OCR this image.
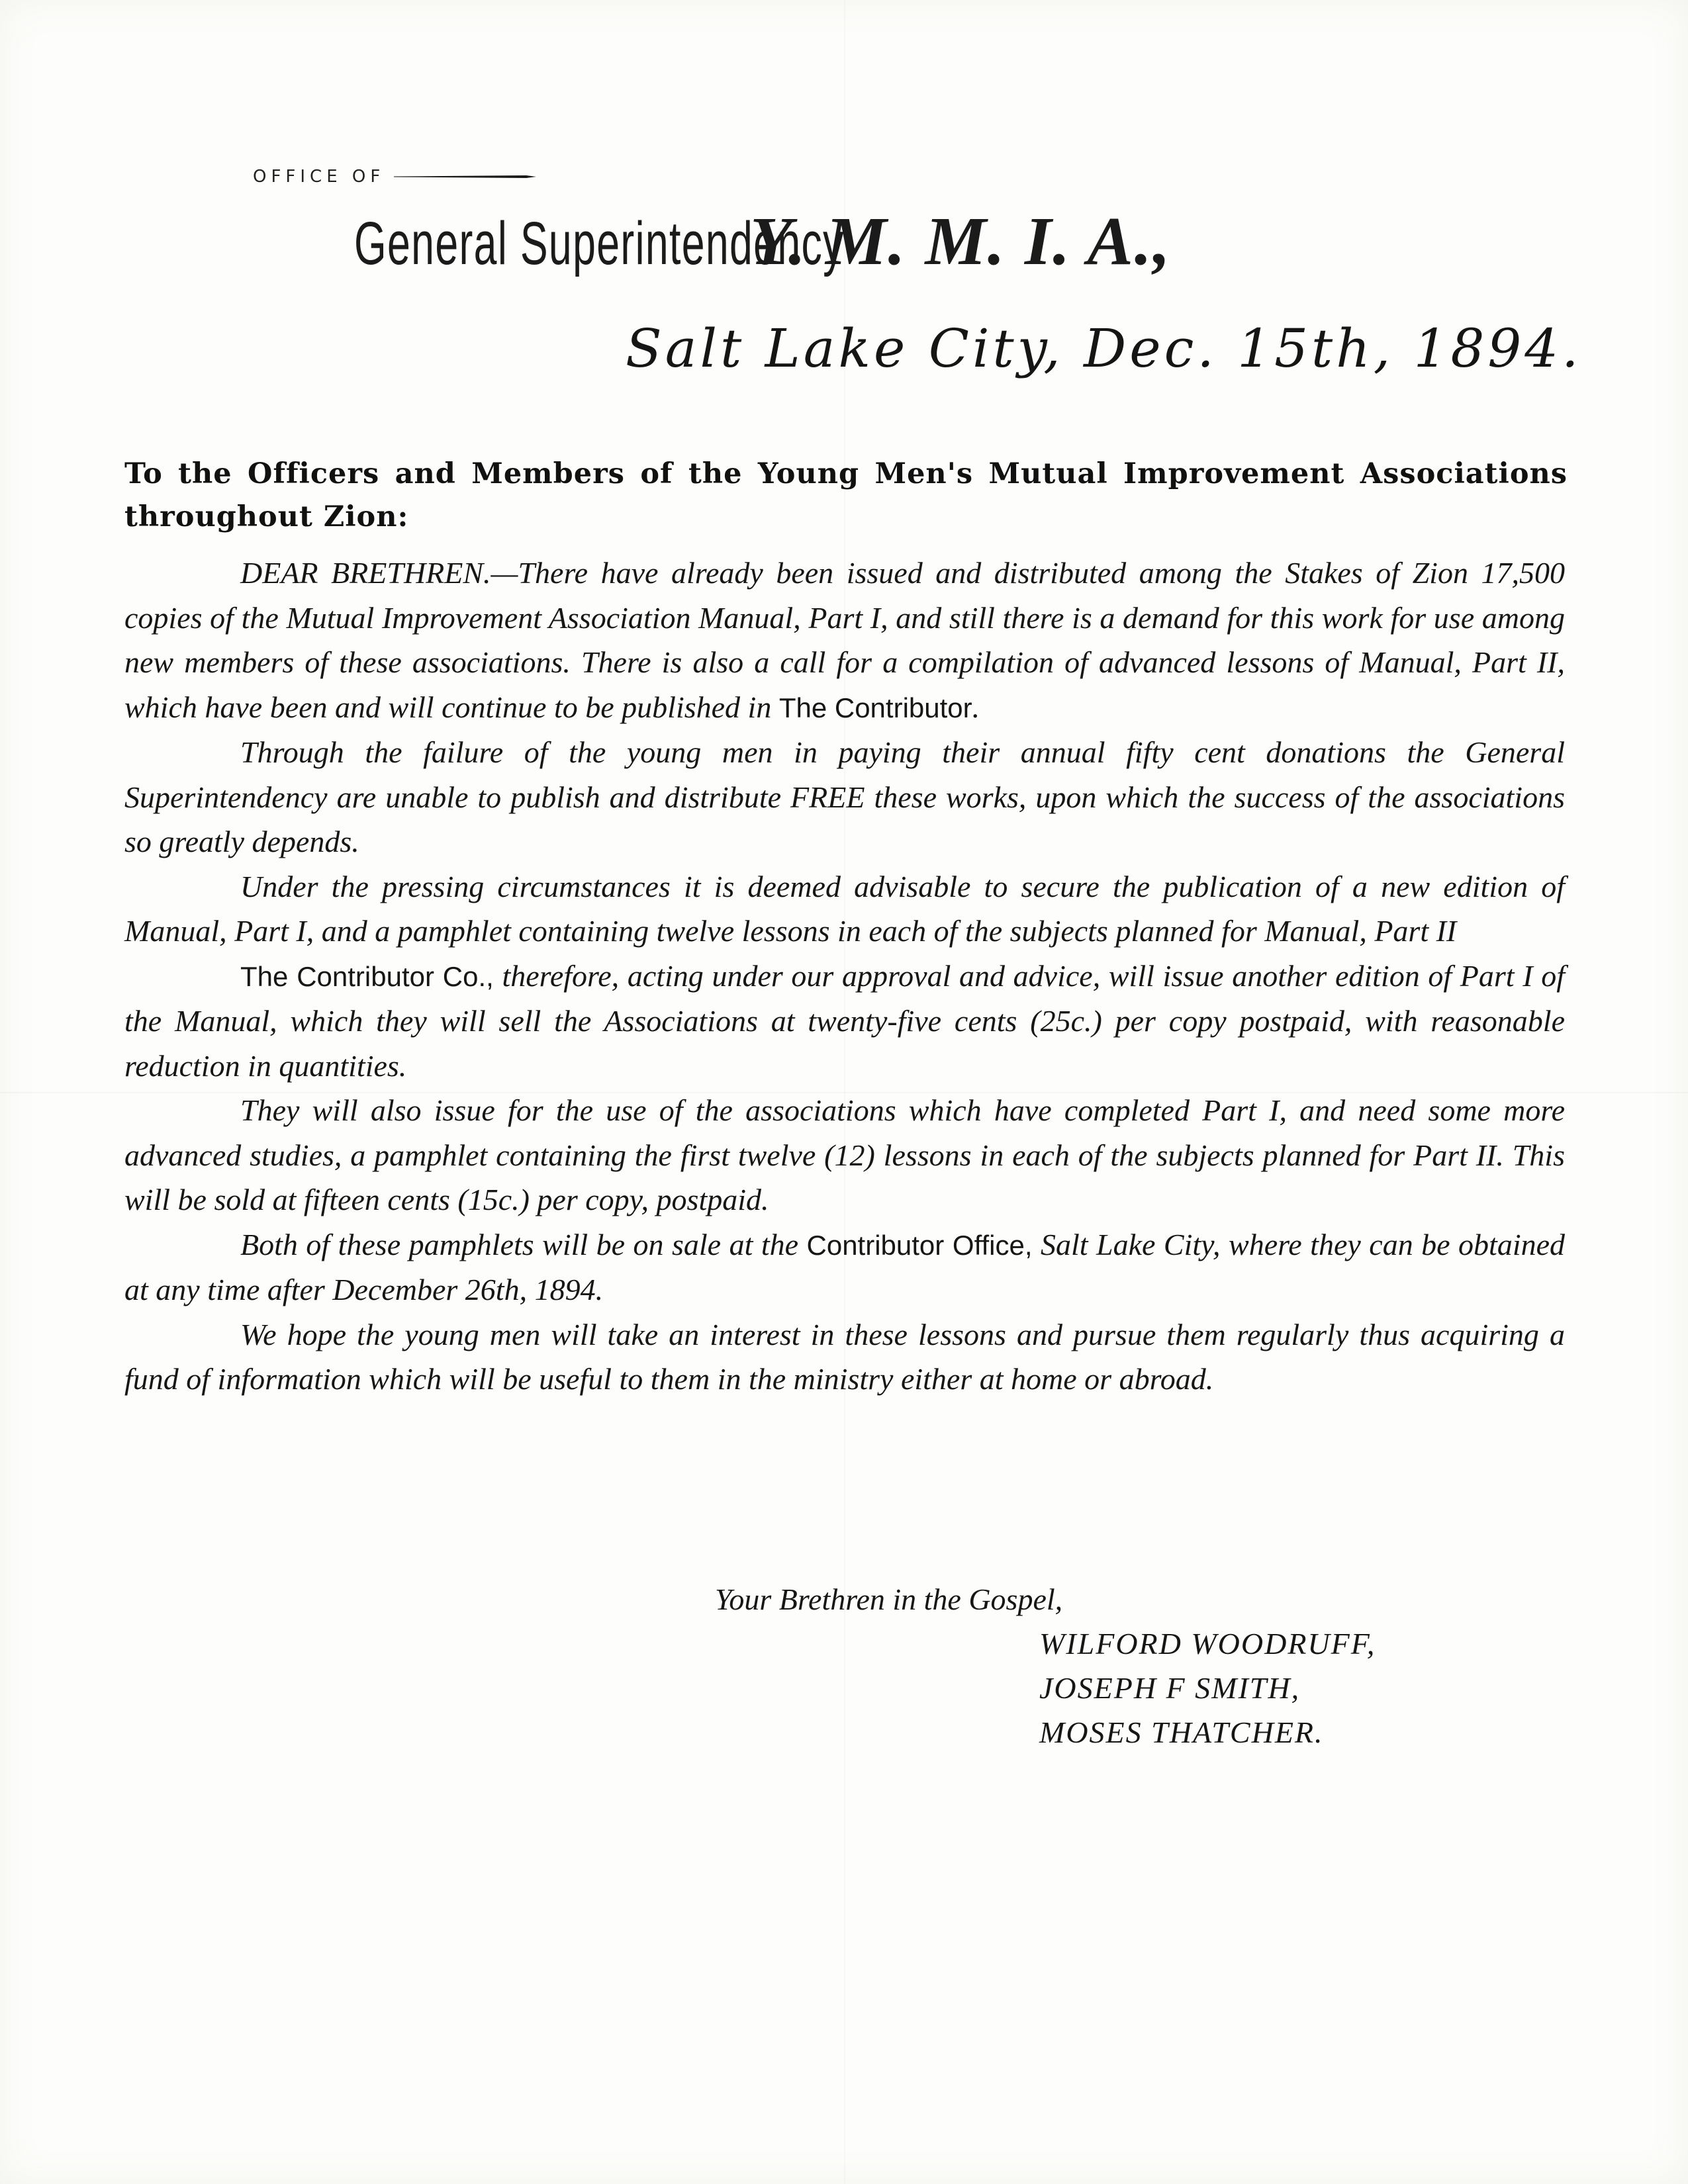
OFFICE OF
General Superintendency Y. M. M. I. A.,
Salt Lake City, Dec. 15th, 1894.
To the Officers and Members of the Young Men's Mutual Improvement Associations throughout Zion:

DEAR BRETHREN.—There have already been issued and distributed among the Stakes of Zion 17,500 copies of the Mutual Improvement Association Manual, Part I, and still there is a demand for this work for use among new members of these associations. There is also a call for a compilation of advanced lessons of Manual, Part II, which have been and will continue to be published in The Contributor.

Through the failure of the young men in paying their annual fifty cent donations the General Superintendency are unable to publish and distribute FREE these works, upon which the success of the associations so greatly depends.

Under the pressing circumstances it is deemed advisable to secure the publication of a new edition of Manual, Part I, and a pamphlet containing twelve lessons in each of the subjects planned for Manual, Part II

The Contributor Co., therefore, acting under our approval and advice, will issue another edition of Part I of the Manual, which they will sell the Associations at twenty-five cents (25c.) per copy postpaid, with reasonable reduction in quantities.

They will also issue for the use of the associations which have completed Part I, and need some more advanced studies, a pamphlet containing the first twelve (12) lessons in each of the subjects planned for Part II. This will be sold at fifteen cents (15c.) per copy, postpaid.

Both of these pamphlets will be on sale at the Contributor Office, Salt Lake City, where they can be obtained at any time after December 26th, 1894.

We hope the young men will take an interest in these lessons and pursue them regularly thus acquiring a fund of information which will be useful to them in the ministry either at home or abroad.

Your Brethren in the Gospel,
WILFORD WOODRUFF,
JOSEPH F SMITH,
MOSES THATCHER.
